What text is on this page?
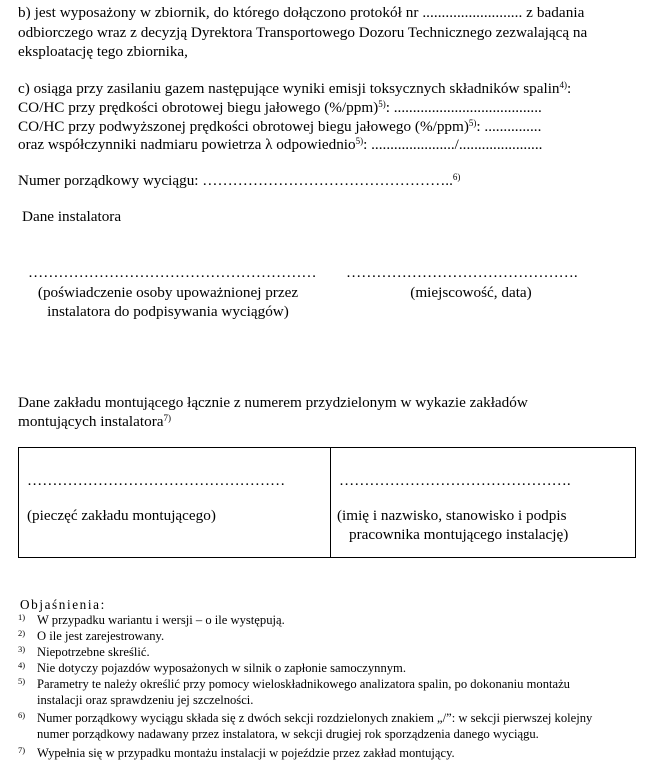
b) jest wyposażony w zbiornik, do którego dołączono protokół nr .......................... z badania
odbiorczego wraz z decyzją Dyrektora Transportowego Dozoru Technicznego zezwalającą na
eksploatację tego zbiornika,
c) osiąga przy zasilaniu gazem następujące wyniki emisji toksycznych składników spalin$^{4)}$:
CO/HC przy prędkości obrotowej biegu jałowego $(\%/ppm)^{5)}$: .......................................
CO/HC przy podwyższonej prędkości obrotowej biegu jałowego $(\%/ppm)^{5)}$: ...............
oraz współczynniki nadmiaru powietrza λ odpowiednio$^{5)}$: ....................../......................
Numer porządkowy wyciągu: …………………………………………..$^{6)}$
Dane instalatora
…………………………………………………
(poświadczenie osoby upoważnionej przez
instalatora do podpisywania wyciągów)
……………………………………….
(miejscowość, data)
Dane zakładu montującego łącznie z numerem przydzielonym w wykazie zakładów
montujących instalatora$^{7)}$
……………………………………………	……………………………………….
(pieczęć zakładu montującego)	(imię i nazwisko, stanowisko i podpis
pracownika montującego instalację)
Objaśnienia:
1) W przypadku wariantu i wersji – o ile występują.
2) O ile jest zarejestrowany.
3) Niepotrzebne skreślić.
4) Nie dotyczy pojazdów wyposażonych w silnik o zapłonie samoczynnym.
5) Parametry te należy określić przy pomocy wieloskładnikowego analizatora spalin, po dokonaniu montażu
instalacji oraz sprawdzeniu jej szczelności.
6) Numer porządkowy wyciągu składa się z dwóch sekcji rozdzielonych znakiem „/”: w sekcji pierwszej kolejny
numer porządkowy nadawany przez instalatora, w sekcji drugiej rok sporządzenia danego wyciągu.
7) Wypełnia się w przypadku montażu instalacji w pojeździe przez zakład montujący.
